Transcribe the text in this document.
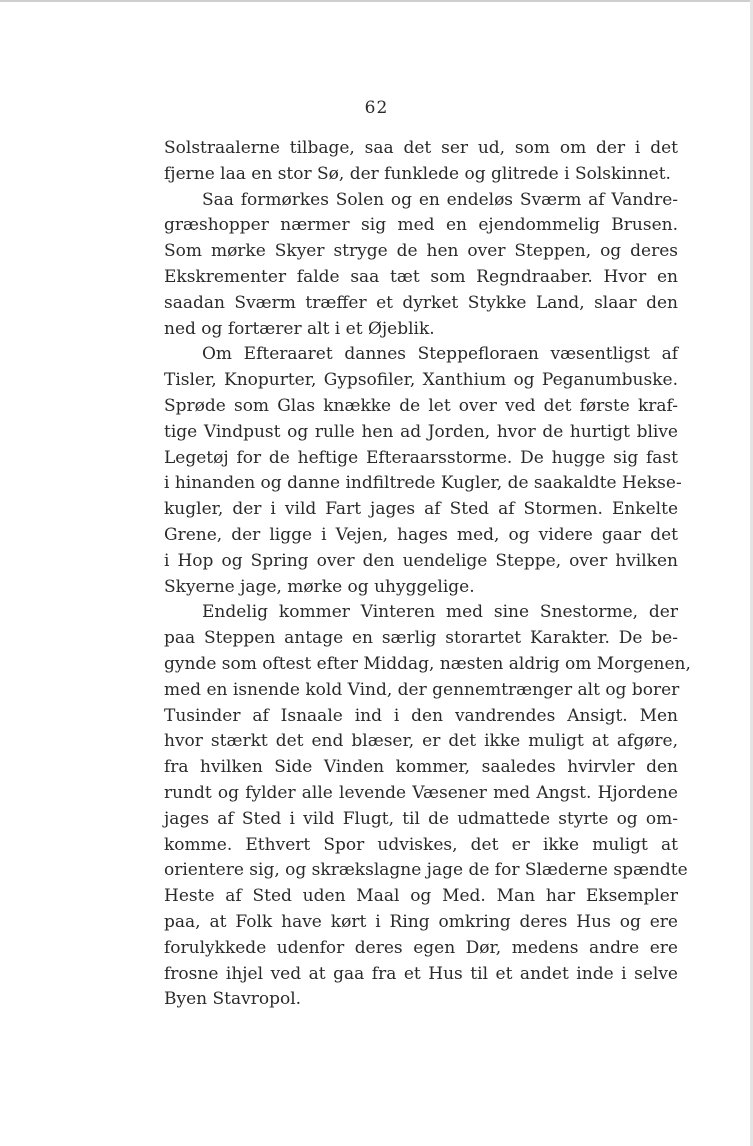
62

Solstraalerne tilbage, saa det ser ud, som om der i det
fjerne laa en stor Sø, der funklede og glitrede i Solskinnet.

Saa formørkes Solen og en endeløs Sværm af Vandre-
græshopper nærmer sig med en ejendommelig Brusen.
Som mørke Skyer stryge de hen over Steppen, og deres
Ekskrementer falde saa tæt som Regndraaber. Hvor en
saadan Sværm træffer et dyrket Stykke Land, slaar den
ned og fortærer alt i et Øjeblik.

Om Efteraaret dannes Steppefloraen væsentligst af
Tisler, Knopurter, Gypsofiler, Xanthium og Peganumbuske.
Sprøde som Glas knække de let over ved det første kraf-
tige Vindpust og rulle hen ad Jorden, hvor de hurtigt blive
Legetøj for de heftige Efteraarsstorme. De hugge sig fast
i hinanden og danne indfiltrede Kugler, de saakaldte Hekse-
kugler, der i vild Fart jages af Sted af Stormen. Enkelte
Grene, der ligge i Vejen, hages med, og videre gaar det
i Hop og Spring over den uendelige Steppe, over hvilken
Skyerne jage, mørke og uhyggelige.

Endelig kommer Vinteren med sine Snestorme, der
paa Steppen antage en særlig storartet Karakter. De be-
gynde som oftest efter Middag, næsten aldrig om Morgenen,
med en isnende kold Vind, der gennemtrænger alt og borer
Tusinder af Isnaale ind i den vandrendes Ansigt. Men
hvor stærkt det end blæser, er det ikke muligt at afgøre,
fra hvilken Side Vinden kommer, saaledes hvirvler den
rundt og fylder alle levende Væsener med Angst. Hjordene
jages af Sted i vild Flugt, til de udmattede styrte og om-
komme. Ethvert Spor udviskes, det er ikke muligt at
orientere sig, og skrækslagne jage de for Slæderne spændte
Heste af Sted uden Maal og Med. Man har Eksempler
paa, at Folk have kørt i Ring omkring deres Hus og ere
forulykkede udenfor deres egen Dør, medens andre ere
frosne ihjel ved at gaa fra et Hus til et andet inde i selve
Byen Stavropol.
